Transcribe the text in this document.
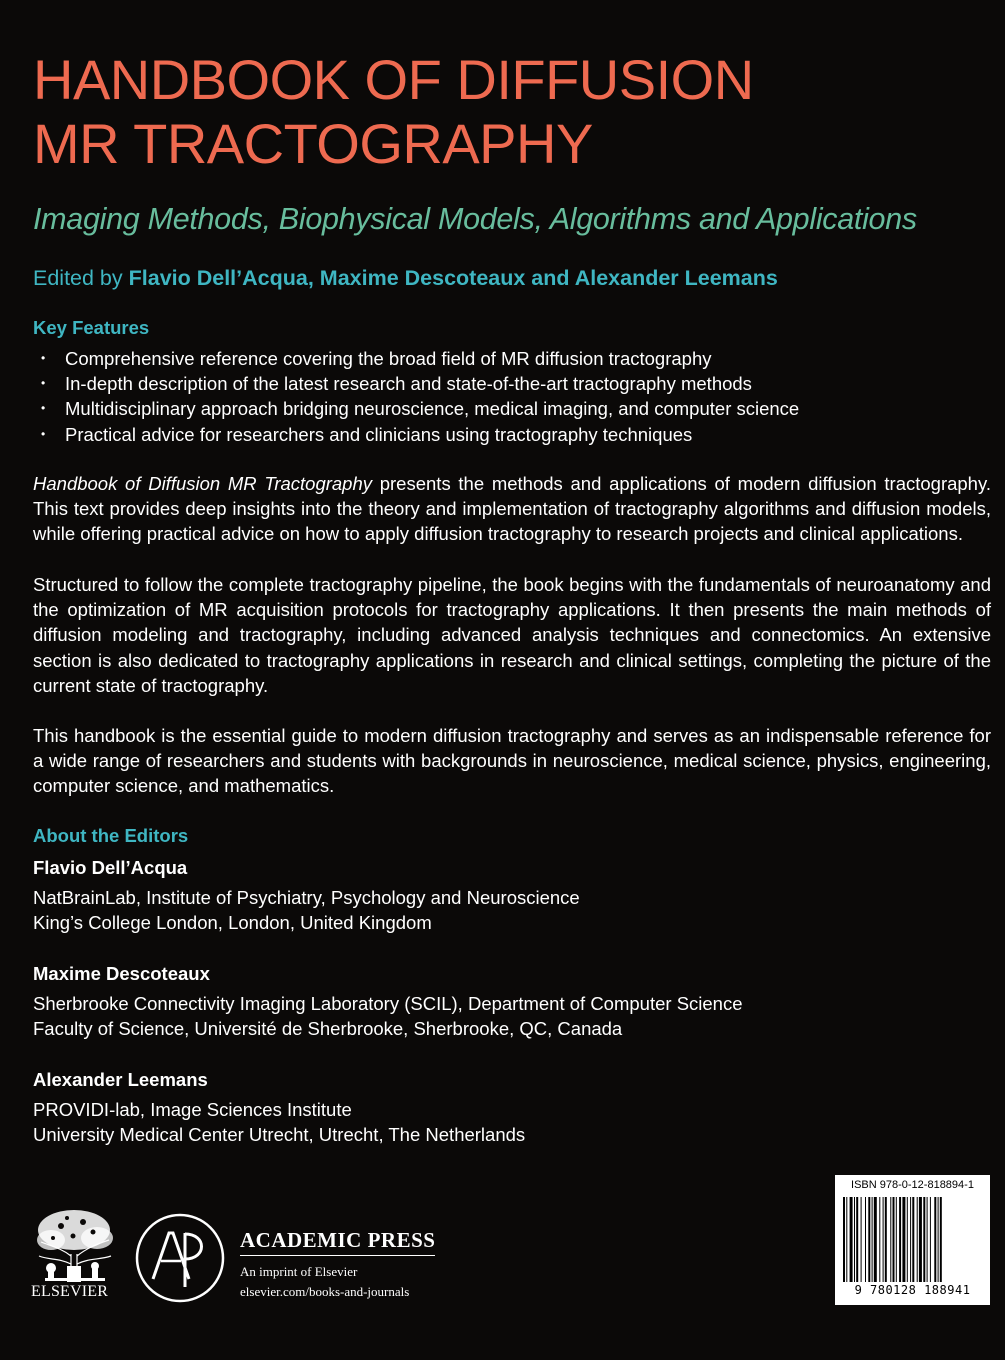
HANDBOOK OF DIFFUSION
MR TRACTOGRAPHY
Imaging Methods, Biophysical Models, Algorithms and Applications
Edited by Flavio Dell’Acqua, Maxime Descoteaux and Alexander Leemans
Key Features
• Comprehensive reference covering the broad field of MR diffusion tractography
• In-depth description of the latest research and state-of-the-art tractography methods
• Multidisciplinary approach bridging neuroscience, medical imaging, and computer science
• Practical advice for researchers and clinicians using tractography techniques

Handbook of Diffusion MR Tractography presents the methods and applications of modern diffusion tractography. This text provides deep insights into the theory and implementation of tractography algorithms and diffusion models, while offering practical advice on how to apply diffusion tractography to research projects and clinical applications.

Structured to follow the complete tractography pipeline, the book begins with the fundamentals of neuroanatomy and the optimization of MR acquisition protocols for tractography applications. It then presents the main methods of diffusion modeling and tractography, including advanced analysis techniques and connectomics. An extensive section is also dedicated to tractography applications in research and clinical settings, completing the picture of the current state of tractography.

This handbook is the essential guide to modern diffusion tractography and serves as an indispensable reference for a wide range of researchers and students with backgrounds in neuroscience, medical science, physics, engineering, computer science, and mathematics.

About the Editors
Flavio Dell’Acqua
NatBrainLab, Institute of Psychiatry, Psychology and Neuroscience
King’s College London, London, United Kingdom
Maxime Descoteaux
Sherbrooke Connectivity Imaging Laboratory (SCIL), Department of Computer Science
Faculty of Science, Université de Sherbrooke, Sherbrooke, QC, Canada
Alexander Leemans
PROVIDI-lab, Image Sciences Institute
University Medical Center Utrecht, Utrecht, The Netherlands
ELSEVIER
ACADEMIC PRESS
An imprint of Elsevier
elsevier.com/books-and-journals
ISBN 978-0-12-818894-1
9 780128 188941
